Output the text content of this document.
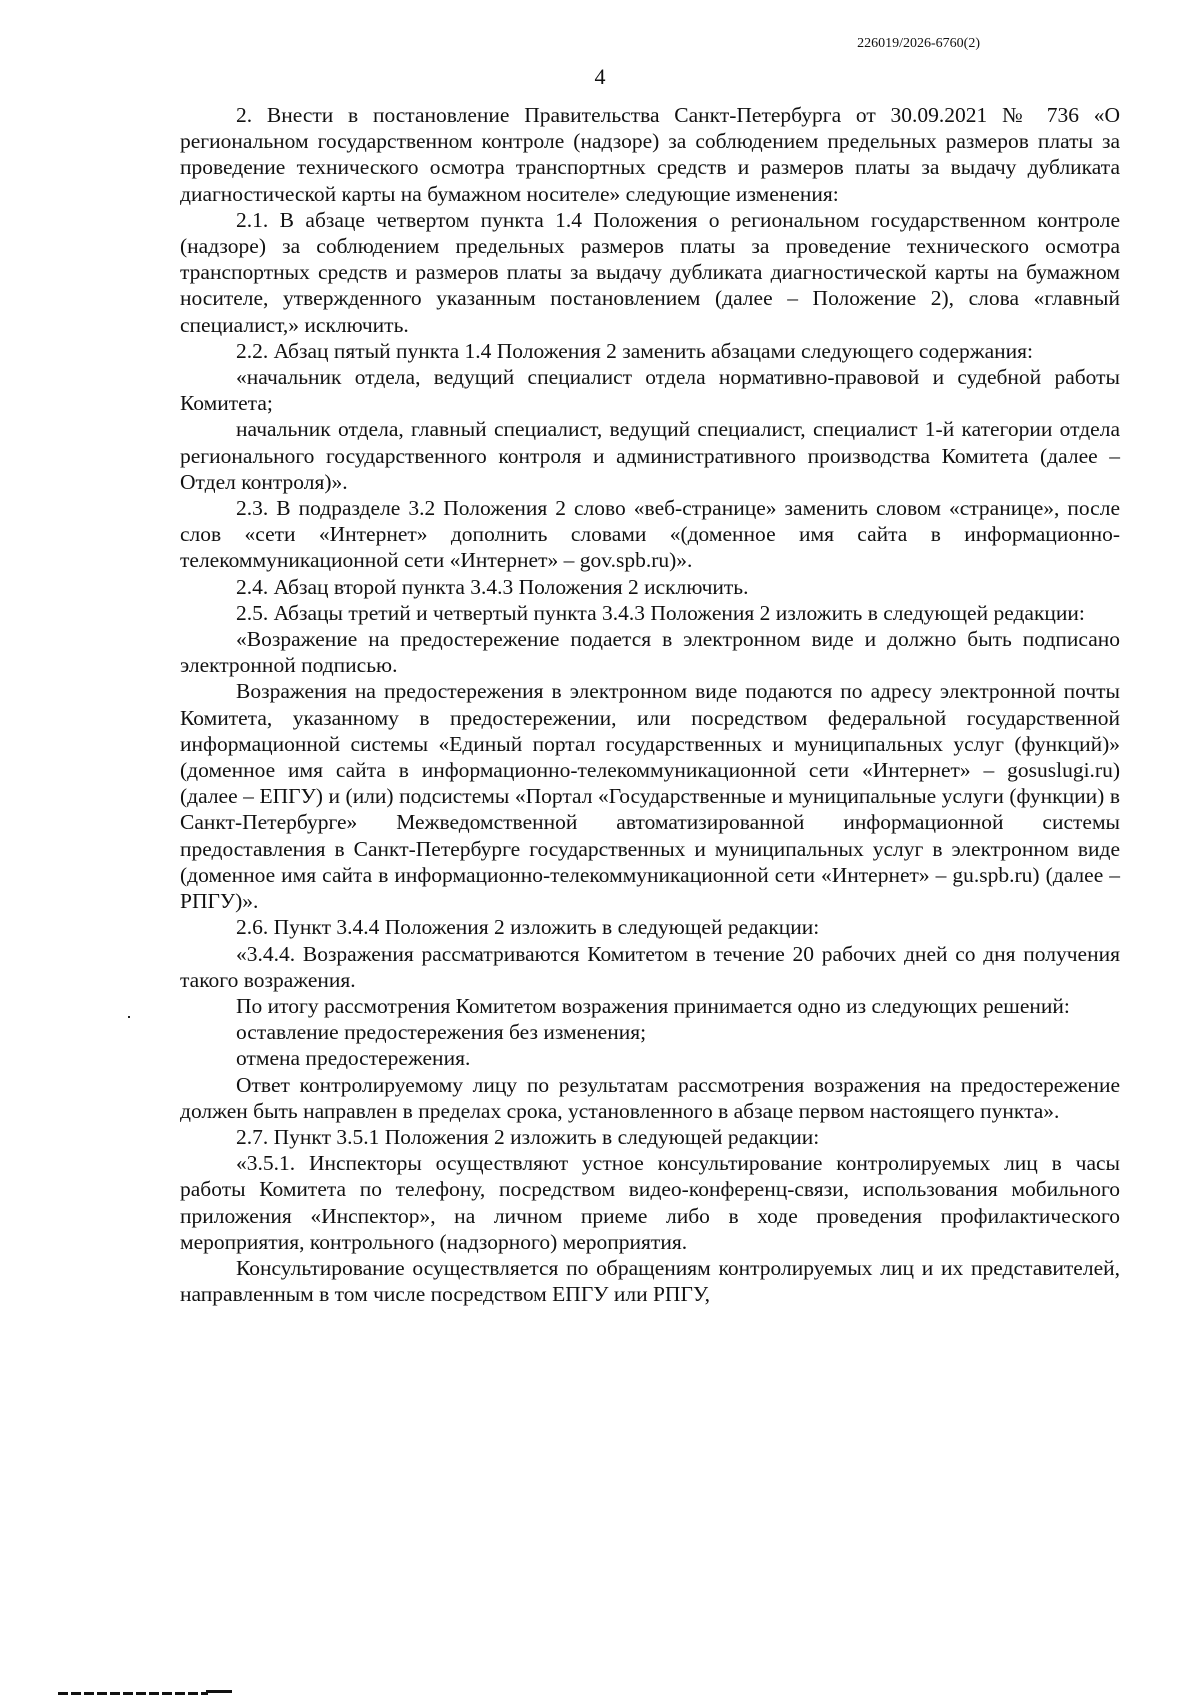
226019/2026-6760(2)
4

2. Внести в постановление Правительства Санкт-Петербурга от 30.09.2021 № 736 «О региональном государственном контроле (надзоре) за соблюдением предельных размеров платы за проведение технического осмотра транспортных средств и размеров платы за выдачу дубликата диагностической карты на бумажном носителе» следующие изменения:

2.1. В абзаце четвертом пункта 1.4 Положения о региональном государственном контроле (надзоре) за соблюдением предельных размеров платы за проведение технического осмотра транспортных средств и размеров платы за выдачу дубликата диагностической карты на бумажном носителе, утвержденного указанным постановлением (далее – Положение 2), слова «главный специалист,» исключить.

2.2. Абзац пятый пункта 1.4 Положения 2 заменить абзацами следующего содержания:

«начальник отдела, ведущий специалист отдела нормативно-правовой и судебной работы Комитета;

начальник отдела, главный специалист, ведущий специалист, специалист 1-й категории отдела регионального государственного контроля и административного производства Комитета (далее – Отдел контроля)».

2.3. В подразделе 3.2 Положения 2 слово «веб-странице» заменить словом «странице», после слов «сети «Интернет» дополнить словами «(доменное имя сайта в информационно-телекоммуникационной сети «Интернет» – gov.spb.ru)».

2.4. Абзац второй пункта 3.4.3 Положения 2 исключить.

2.5. Абзацы третий и четвертый пункта 3.4.3 Положения 2 изложить в следующей редакции:

«Возражение на предостережение подается в электронном виде и должно быть подписано электронной подписью.

Возражения на предостережения в электронном виде подаются по адресу электронной почты Комитета, указанному в предостережении, или посредством федеральной государственной информационной системы «Единый портал государственных и муниципальных услуг (функций)» (доменное имя сайта в информационно-телекоммуникационной сети «Интернет» – gosuslugi.ru) (далее – ЕПГУ) и (или) подсистемы «Портал «Государственные и муниципальные услуги (функции) в Санкт-Петербурге» Межведомственной автоматизированной информационной системы предоставления в Санкт-Петербурге государственных и муниципальных услуг в электронном виде (доменное имя сайта в информационно-телекоммуникационной сети «Интернет» – gu.spb.ru) (далее – РПГУ)».

2.6. Пункт 3.4.4 Положения 2 изложить в следующей редакции:

«3.4.4. Возражения рассматриваются Комитетом в течение 20 рабочих дней со дня получения такого возражения.

По итогу рассмотрения Комитетом возражения принимается одно из следующих решений:

оставление предостережения без изменения;

отмена предостережения.

Ответ контролируемому лицу по результатам рассмотрения возражения на предостережение должен быть направлен в пределах срока, установленного в абзаце первом настоящего пункта».

2.7. Пункт 3.5.1 Положения 2 изложить в следующей редакции:

«3.5.1. Инспекторы осуществляют устное консультирование контролируемых лиц в часы работы Комитета по телефону, посредством видео-конференц-связи, использования мобильного приложения «Инспектор», на личном приеме либо в ходе проведения профилактического мероприятия, контрольного (надзорного) мероприятия.

Консультирование осуществляется по обращениям контролируемых лиц и их представителей, направленным в том числе посредством ЕПГУ или РПГУ,
